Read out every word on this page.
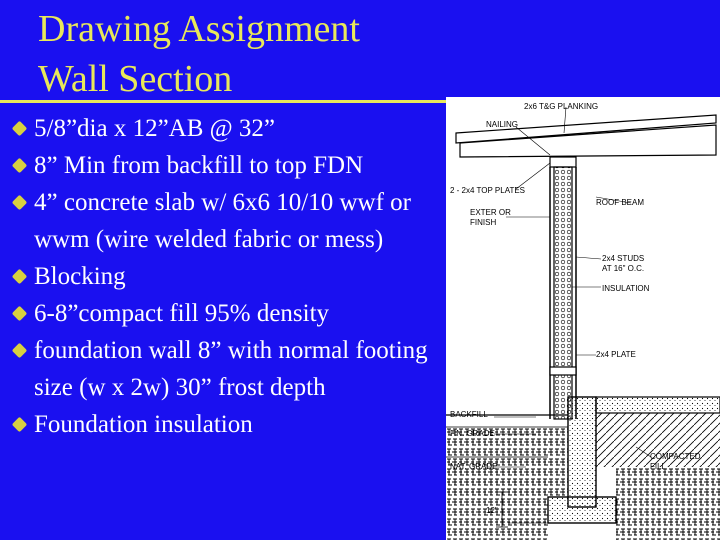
Drawing Assignment
Wall Section
5/8”dia x 12”AB @ 32”
8” Min from backfill to top FDN
4” concrete slab w/ 6x6 10/10 wwf or wwm (wire welded fabric or mess)
Blocking
6-8”compact fill 95% density
foundation wall 8” with normal footing size (w x 2w) 30” frost depth
Foundation insulation
2x6 T&G PLANKING
NAILING
2 - 2x4 TOP PLATES
EXTER OR
FINISH
ROOF BEAM
2x4 STUDS
AT 16" O.C.
INSULATION
2x4 PLATE
BACKFILL
F.N. GRADE
COMPACTED
FILL
NAT. GRADE
12"
